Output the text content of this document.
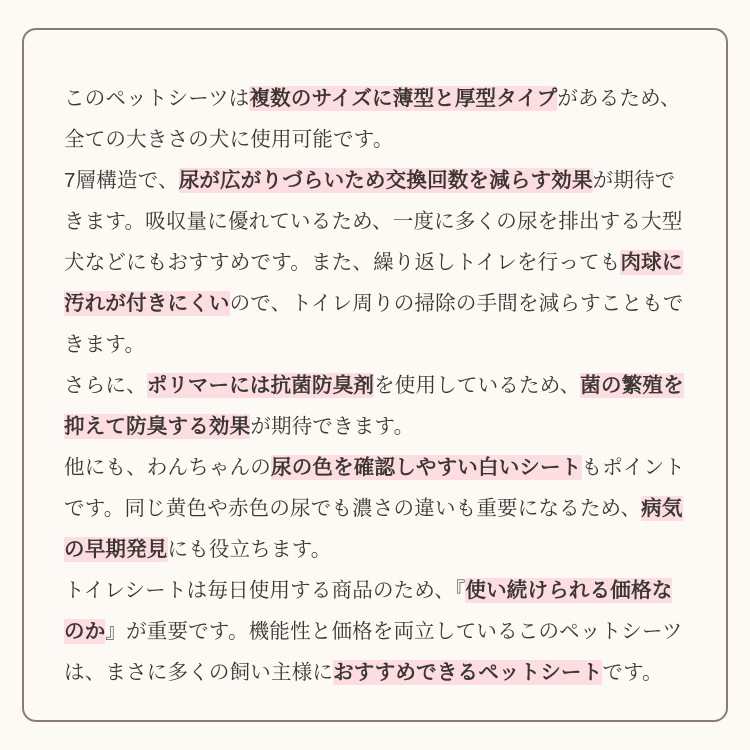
このペットシーツは複数のサイズに薄型と厚型タイプがあるため、全ての大きさの犬に使用可能です。
7層構造で、尿が広がりづらいため交換回数を減らす効果が期待できます。吸収量に優れているため、一度に多くの尿を排出する大型犬などにもおすすめです。また、繰り返しトイレを行っても肉球に汚れが付きにくいので、トイレ周りの掃除の手間を減らすこともできます。
さらに、ポリマーには抗菌防臭剤を使用しているため、菌の繁殖を抑えて防臭する効果が期待できます。
他にも、わんちゃんの尿の色を確認しやすい白いシートもポイントです。同じ黄色や赤色の尿でも濃さの違いも重要になるため、病気の早期発見にも役立ちます。
トイレシートは毎日使用する商品のため、『使い続けられる価格なのか』が重要です。機能性と価格を両立しているこのペットシーツは、まさに多くの飼い主様におすすめできるペットシートです。
